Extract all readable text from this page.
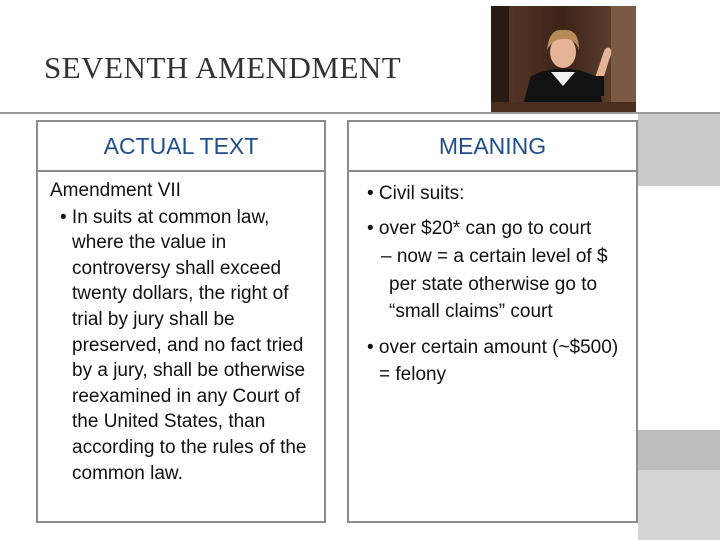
SEVENTH AMENDMENT
ACTUAL TEXT
Amendment VII
• In suits at common law, where the value in controversy shall exceed twenty dollars, the right of trial by jury shall be preserved, and no fact tried by a jury, shall be otherwise reexamined in any Court of the United States, than according to the rules of the common law.
MEANING
• Civil suits:
• over $20* can go to court
– now = a certain level of $ per state otherwise go to “small claims” court
• over certain amount (~$500) = felony
